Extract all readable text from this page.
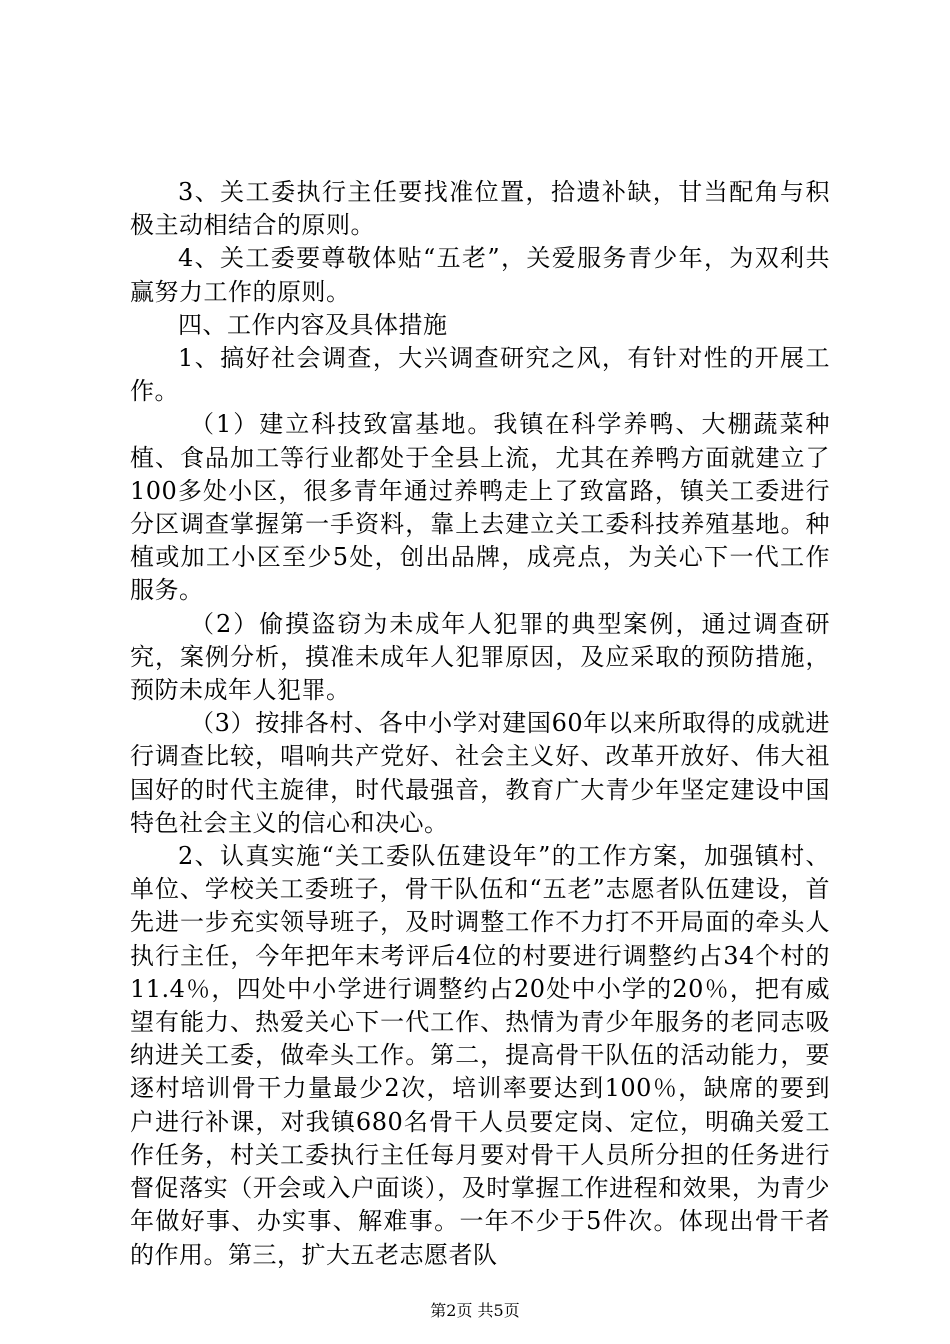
3、关工委执行主任要找准位置，拾遗补缺，甘当配角与积极主动相结合的原则。

4、关工委要尊敬体贴“五老”，关爱服务青少年，为双利共赢努力工作的原则。

四、工作内容及具体措施

1、搞好社会调查，大兴调查研究之风，有针对性的开展工作。

（1）建立科技致富基地。我镇在科学养鸭、大棚蔬菜种植、食品加工等行业都处于全县上流，尤其在养鸭方面就建立了100多处小区，很多青年通过养鸭走上了致富路，镇关工委进行分区调查掌握第一手资料，靠上去建立关工委科技养殖基地。种植或加工小区至少5处，创出品牌，成亮点，为关心下一代工作服务。

（2）偷摸盗窃为未成年人犯罪的典型案例，通过调查研究，案例分析，摸准未成年人犯罪原因，及应采取的预防措施，预防未成年人犯罪。

（3）按排各村、各中小学对建国60年以来所取得的成就进行调查比较，唱响共产党好、社会主义好、改革开放好、伟大祖国好的时代主旋律，时代最强音，教育广大青少年坚定建设中国特色社会主义的信心和决心。

2、认真实施“关工委队伍建设年”的工作方案，加强镇村、单位、学校关工委班子，骨干队伍和“五老”志愿者队伍建设，首先进一步充实领导班子，及时调整工作不力打不开局面的牵头人执行主任，今年把年末考评后4位的村要进行调整约占34个村的11.4％，四处中小学进行调整约占20处中小学的20％，把有威望有能力、热爱关心下一代工作、热情为青少年服务的老同志吸纳进关工委，做牵头工作。第二，提高骨干队伍的活动能力，要逐村培训骨干力量最少2次，培训率要达到100％，缺席的要到户进行补课，对我镇680名骨干人员要定岗、定位，明确关爱工作任务，村关工委执行主任每月要对骨干人员所分担的任务进行督促落实（开会或入户面谈），及时掌握工作进程和效果，为青少年做好事、办实事、解难事。一年不少于5件次。体现出骨干者的作用。第三，扩大五老志愿者队

第2页 共5页
